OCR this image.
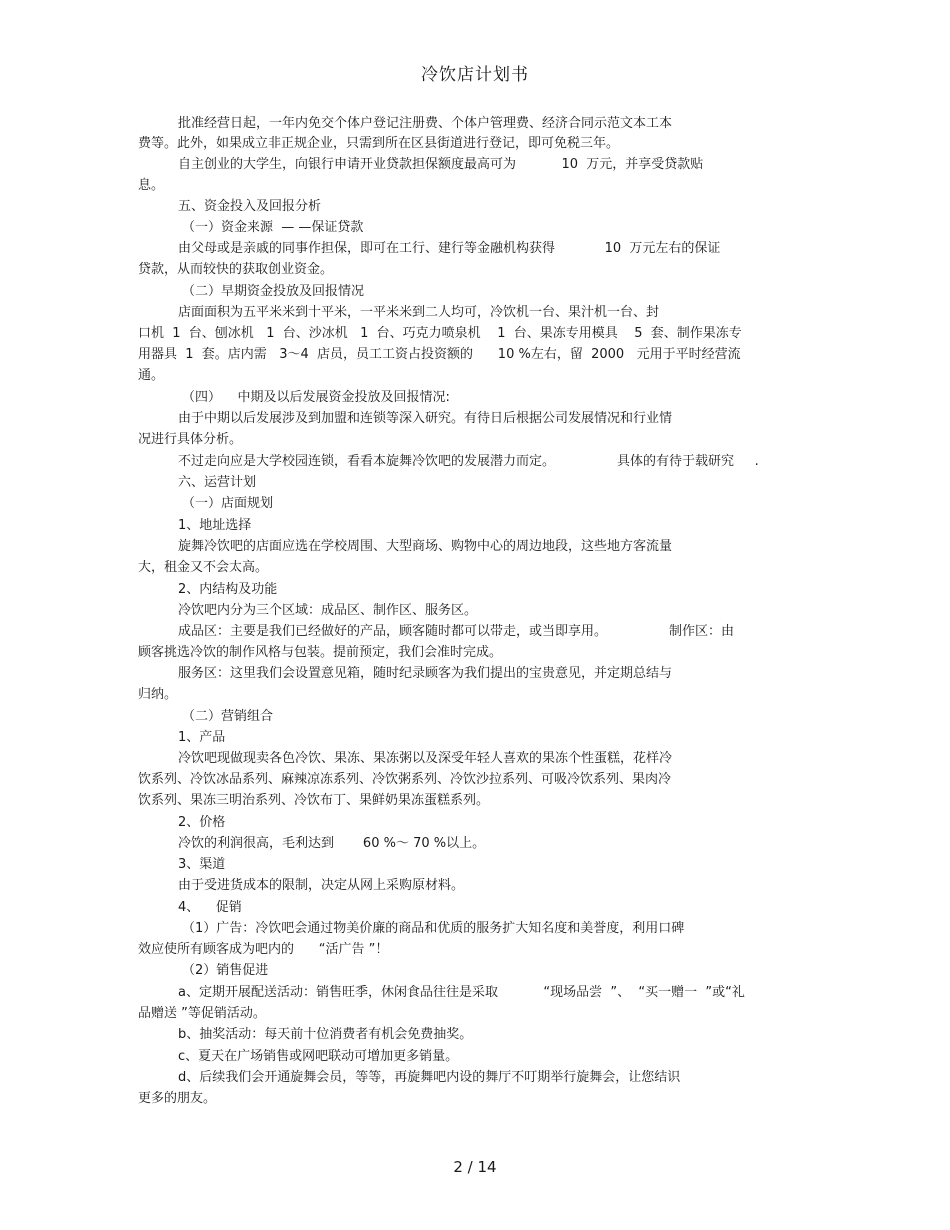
冷饮店计划书
批准经营日起，一年内免交个体户登记注册费、个体户管理费、经济合同示范文本工本
费等。此外，如果成立非正规企业，只需到所在区县街道进行登记，即可免税三年。
自主创业的大学生，向银行申请开业贷款担保额度最高可为           10  万元，并享受贷款贴
息。
五、资金投入及回报分析
（一）资金来源  — —保证贷款
由父母或是亲戚的同事作担保，即可在工行、建行等金融机构获得            10  万元左右的保证
贷款，从而较快的获取创业资金。
（二）早期资金投放及回报情况
店面面积为五平米米到十平米，一平米米到二人均可，冷饮机一台、果汁机一台、封
口机  1  台、刨冰机   1  台、沙冰机   1  台、巧克力喷泉机    1  台、果冻专用模具    5  套、制作果冻专
用器具  1  套。店内需   3～4  店员，员工工资占投资额的      10 %左右，留  2000   元用于平时经营流
通。
（四）    中期及以后发展资金投放及回报情况:
由于中期以后发展涉及到加盟和连锁等深入研究。有待日后根据公司发展情况和行业情
况进行具体分析。
不过走向应是大学校园连锁，看看本旋舞冷饮吧的发展潜力而定。               具体的有待于载研究     .
六、运营计划
（一）店面规划
1、地址选择
旋舞冷饮吧的店面应选在学校周围、大型商场、购物中心的周边地段，这些地方客流量
大，租金又不会太高。
2、内结构及功能
冷饮吧内分为三个区域：成品区、制作区、服务区。
成品区：主要是我们已经做好的产品，顾客随时都可以带走，或当即享用。               制作区：由
顾客挑选冷饮的制作风格与包装。提前预定，我们会准时完成。
服务区：这里我们会设置意见箱，随时纪录顾客为我们提出的宝贵意见，并定期总结与
归纳。
（二）营销组合
1、产品
冷饮吧现做现卖各色冷饮、果冻、果冻粥以及深受年轻人喜欢的果冻个性蛋糕，花样冷
饮系列、冷饮冰品系列、麻辣凉冻系列、冷饮粥系列、冷饮沙拉系列、可吸冷饮系列、果肉冷
饮系列、果冻三明治系列、冷饮布丁、果鲜奶果冻蛋糕系列。
2、价格
冷饮的利润很高，毛利达到       60 %～ 70 %以上。
3、渠道
由于受进货成本的限制，决定从网上采购原材料。
4、    促销
（1）广告：冷饮吧会通过物美价廉的商品和优质的服务扩大知名度和美誉度，利用口碑
效应使所有顾客成为吧内的      “活广告 ”！
（2）销售促进
a、定期开展配送活动：销售旺季，休闲食品往往是采取           “现场品尝  ”、  “买一赠一  ”或“礼
品赠送 ”等促销活动。
b、抽奖活动：每天前十位消费者有机会免费抽奖。
c、夏天在广场销售或网吧联动可增加更多销量。
d、后续我们会开通旋舞会员，等等，再旋舞吧内设的舞厅不叮期举行旋舞会，让您结识
更多的朋友。
2 / 14
